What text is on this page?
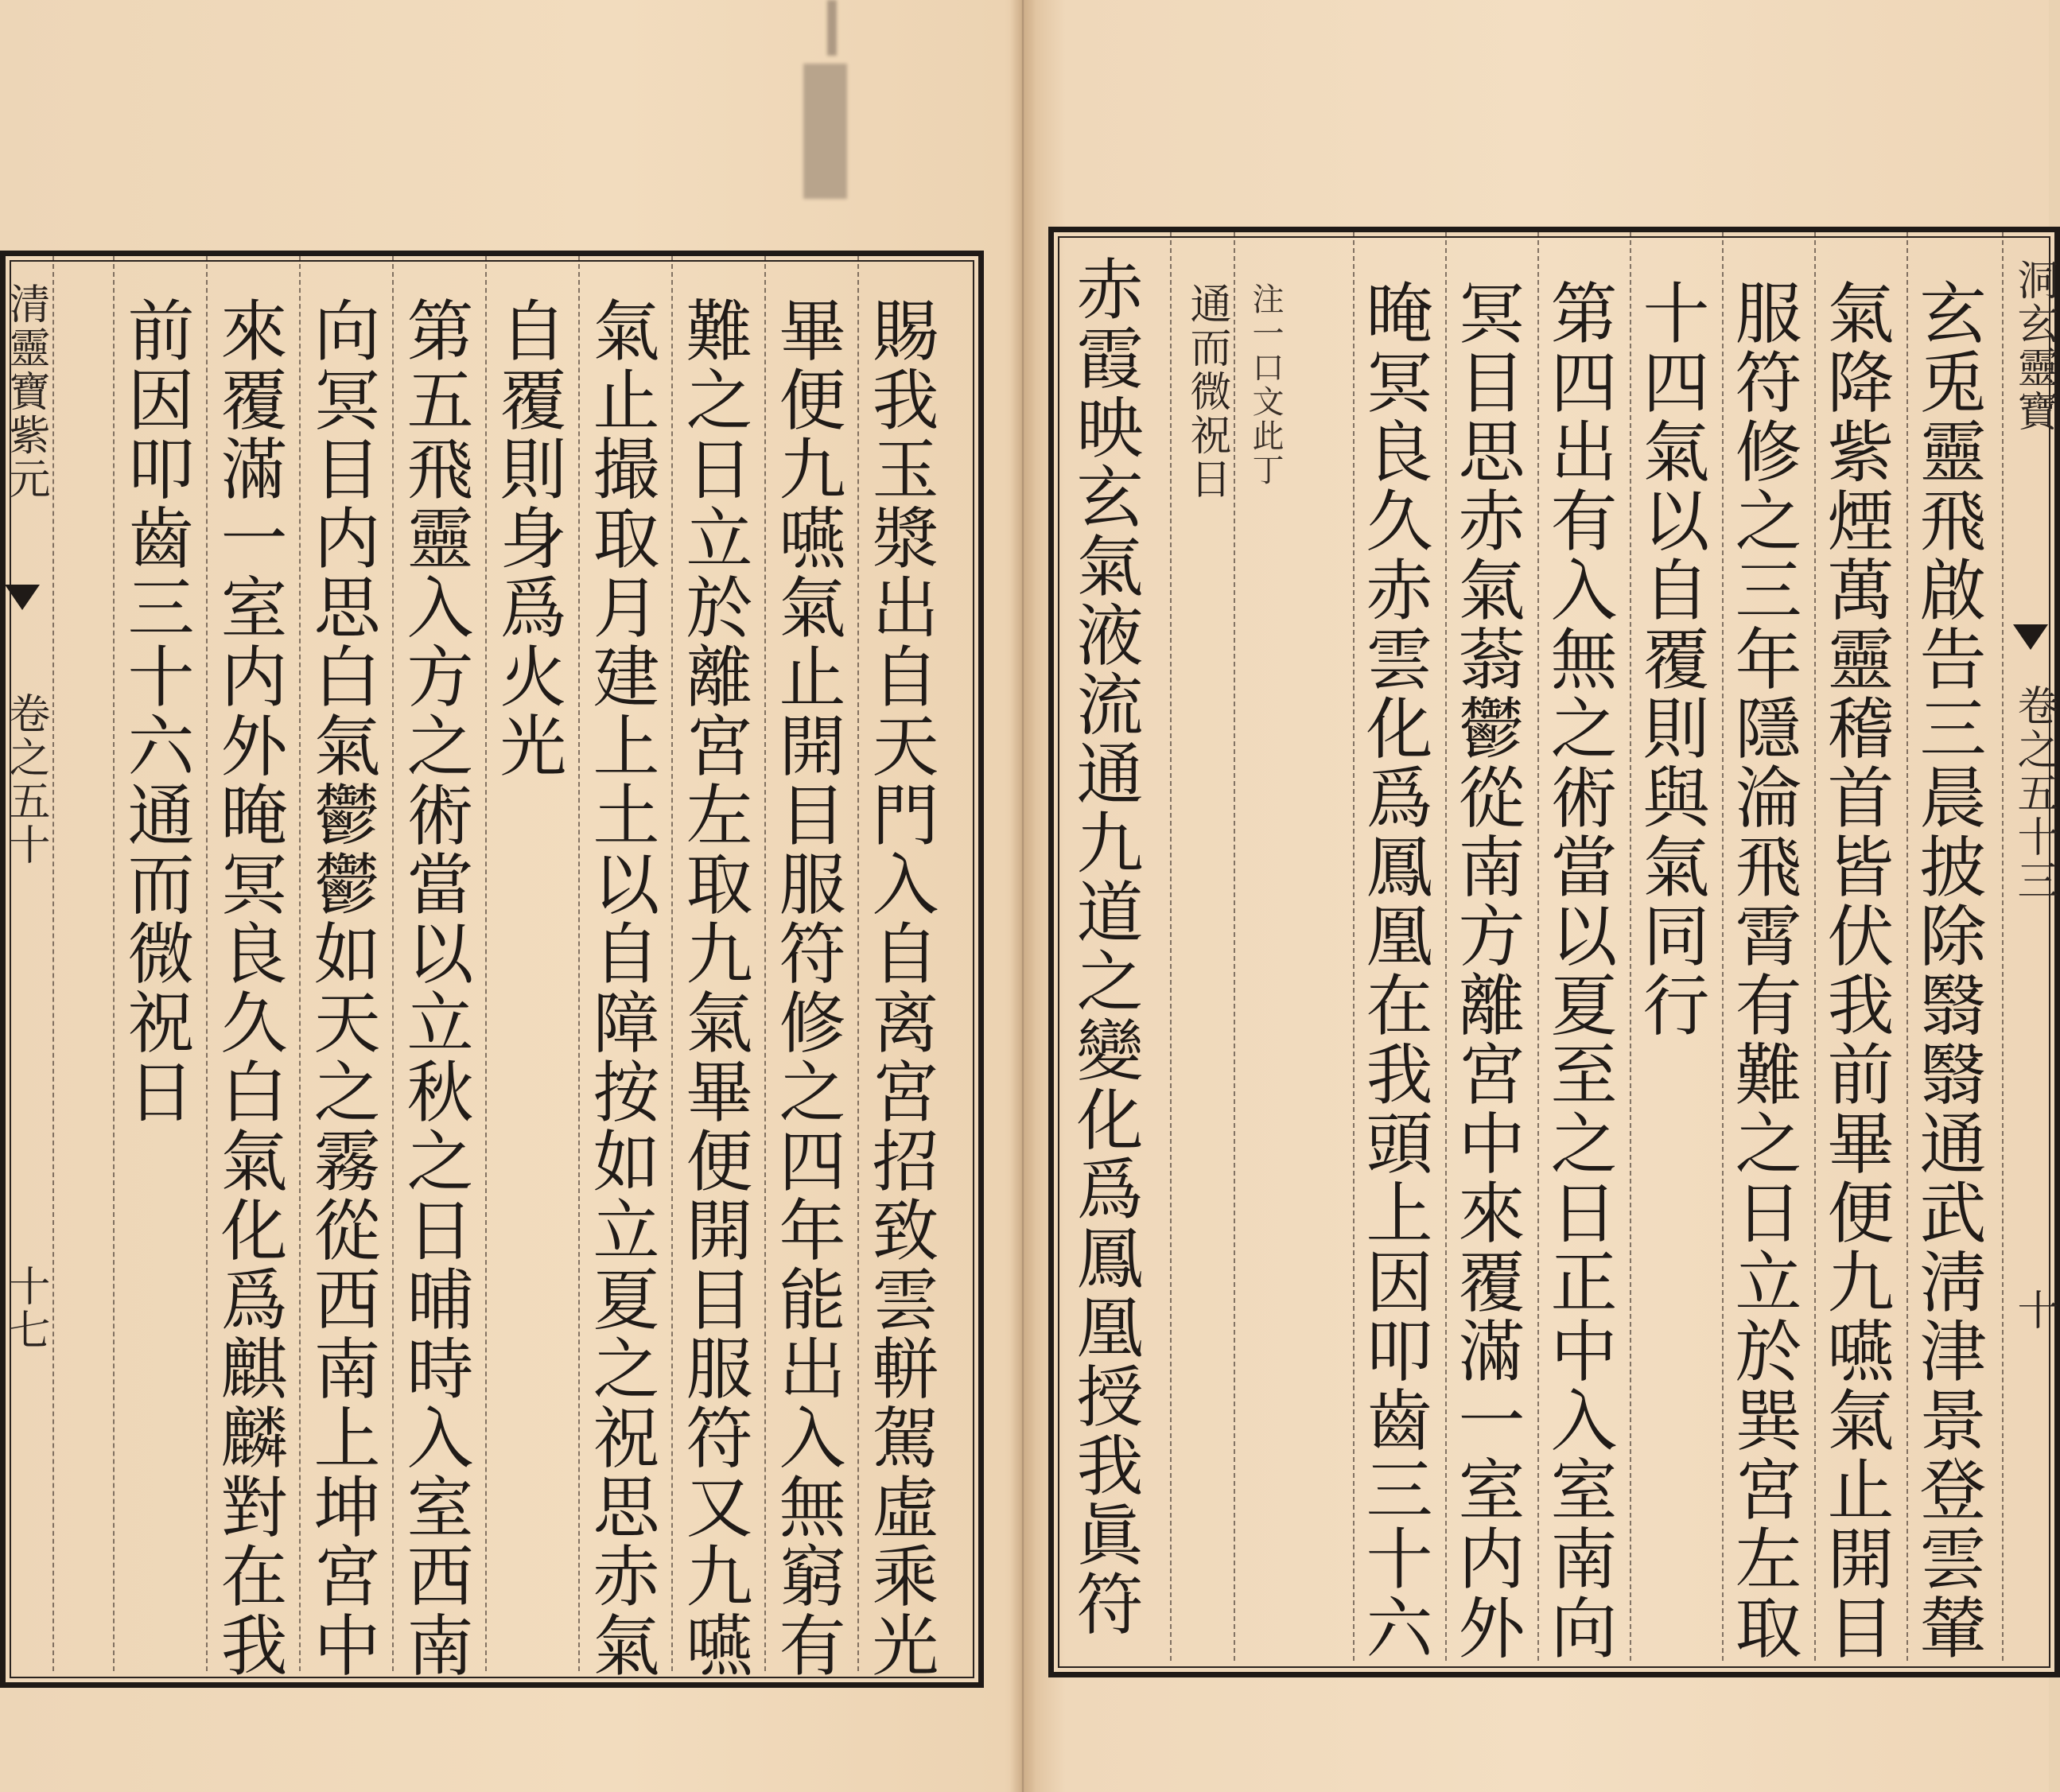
清靈寶紫元
卷之五十
十七	賜我玉漿出自天門入自离宮招致雲軿駕虛乘光
畢便九嚥氣止開目服符修之四年能出入無窮有
難之日立於離宮左取九氣畢便開目服符又九嚥
氣止撮取月建上土以自障按如立夏之祝思赤氣
自覆則身爲火光
第五飛靈入方之術當以立秋之日晡時入室西南
向冥目内思白氣鬱鬱如天之霧從西南上坤宮中
來覆滿一室内外晻冥良久白氣化爲麒麟對在我
前因叩齒三十六通而微祝日	洞玄靈寶
卷之五十三
十
玄兎靈飛啟告三晨披除翳翳通武淸津景登雲輦
氣降紫煙萬靈稽首皆伏我前畢便九嚥氣止開目
服符修之三年隱淪飛霄有難之日立於巽宮左取
十四氣以自覆則與氣同行
第四出有入無之術當以夏至之日正中入室南向
冥目思赤氣蓊鬱從南方離宮中來覆滿一室内外
晻冥良久赤雲化爲鳳凰在我頭上因叩齒三十六
注一口文此丁
通而微祝日
赤霞映玄氣液流通九道之變化爲鳳凰授我眞符
